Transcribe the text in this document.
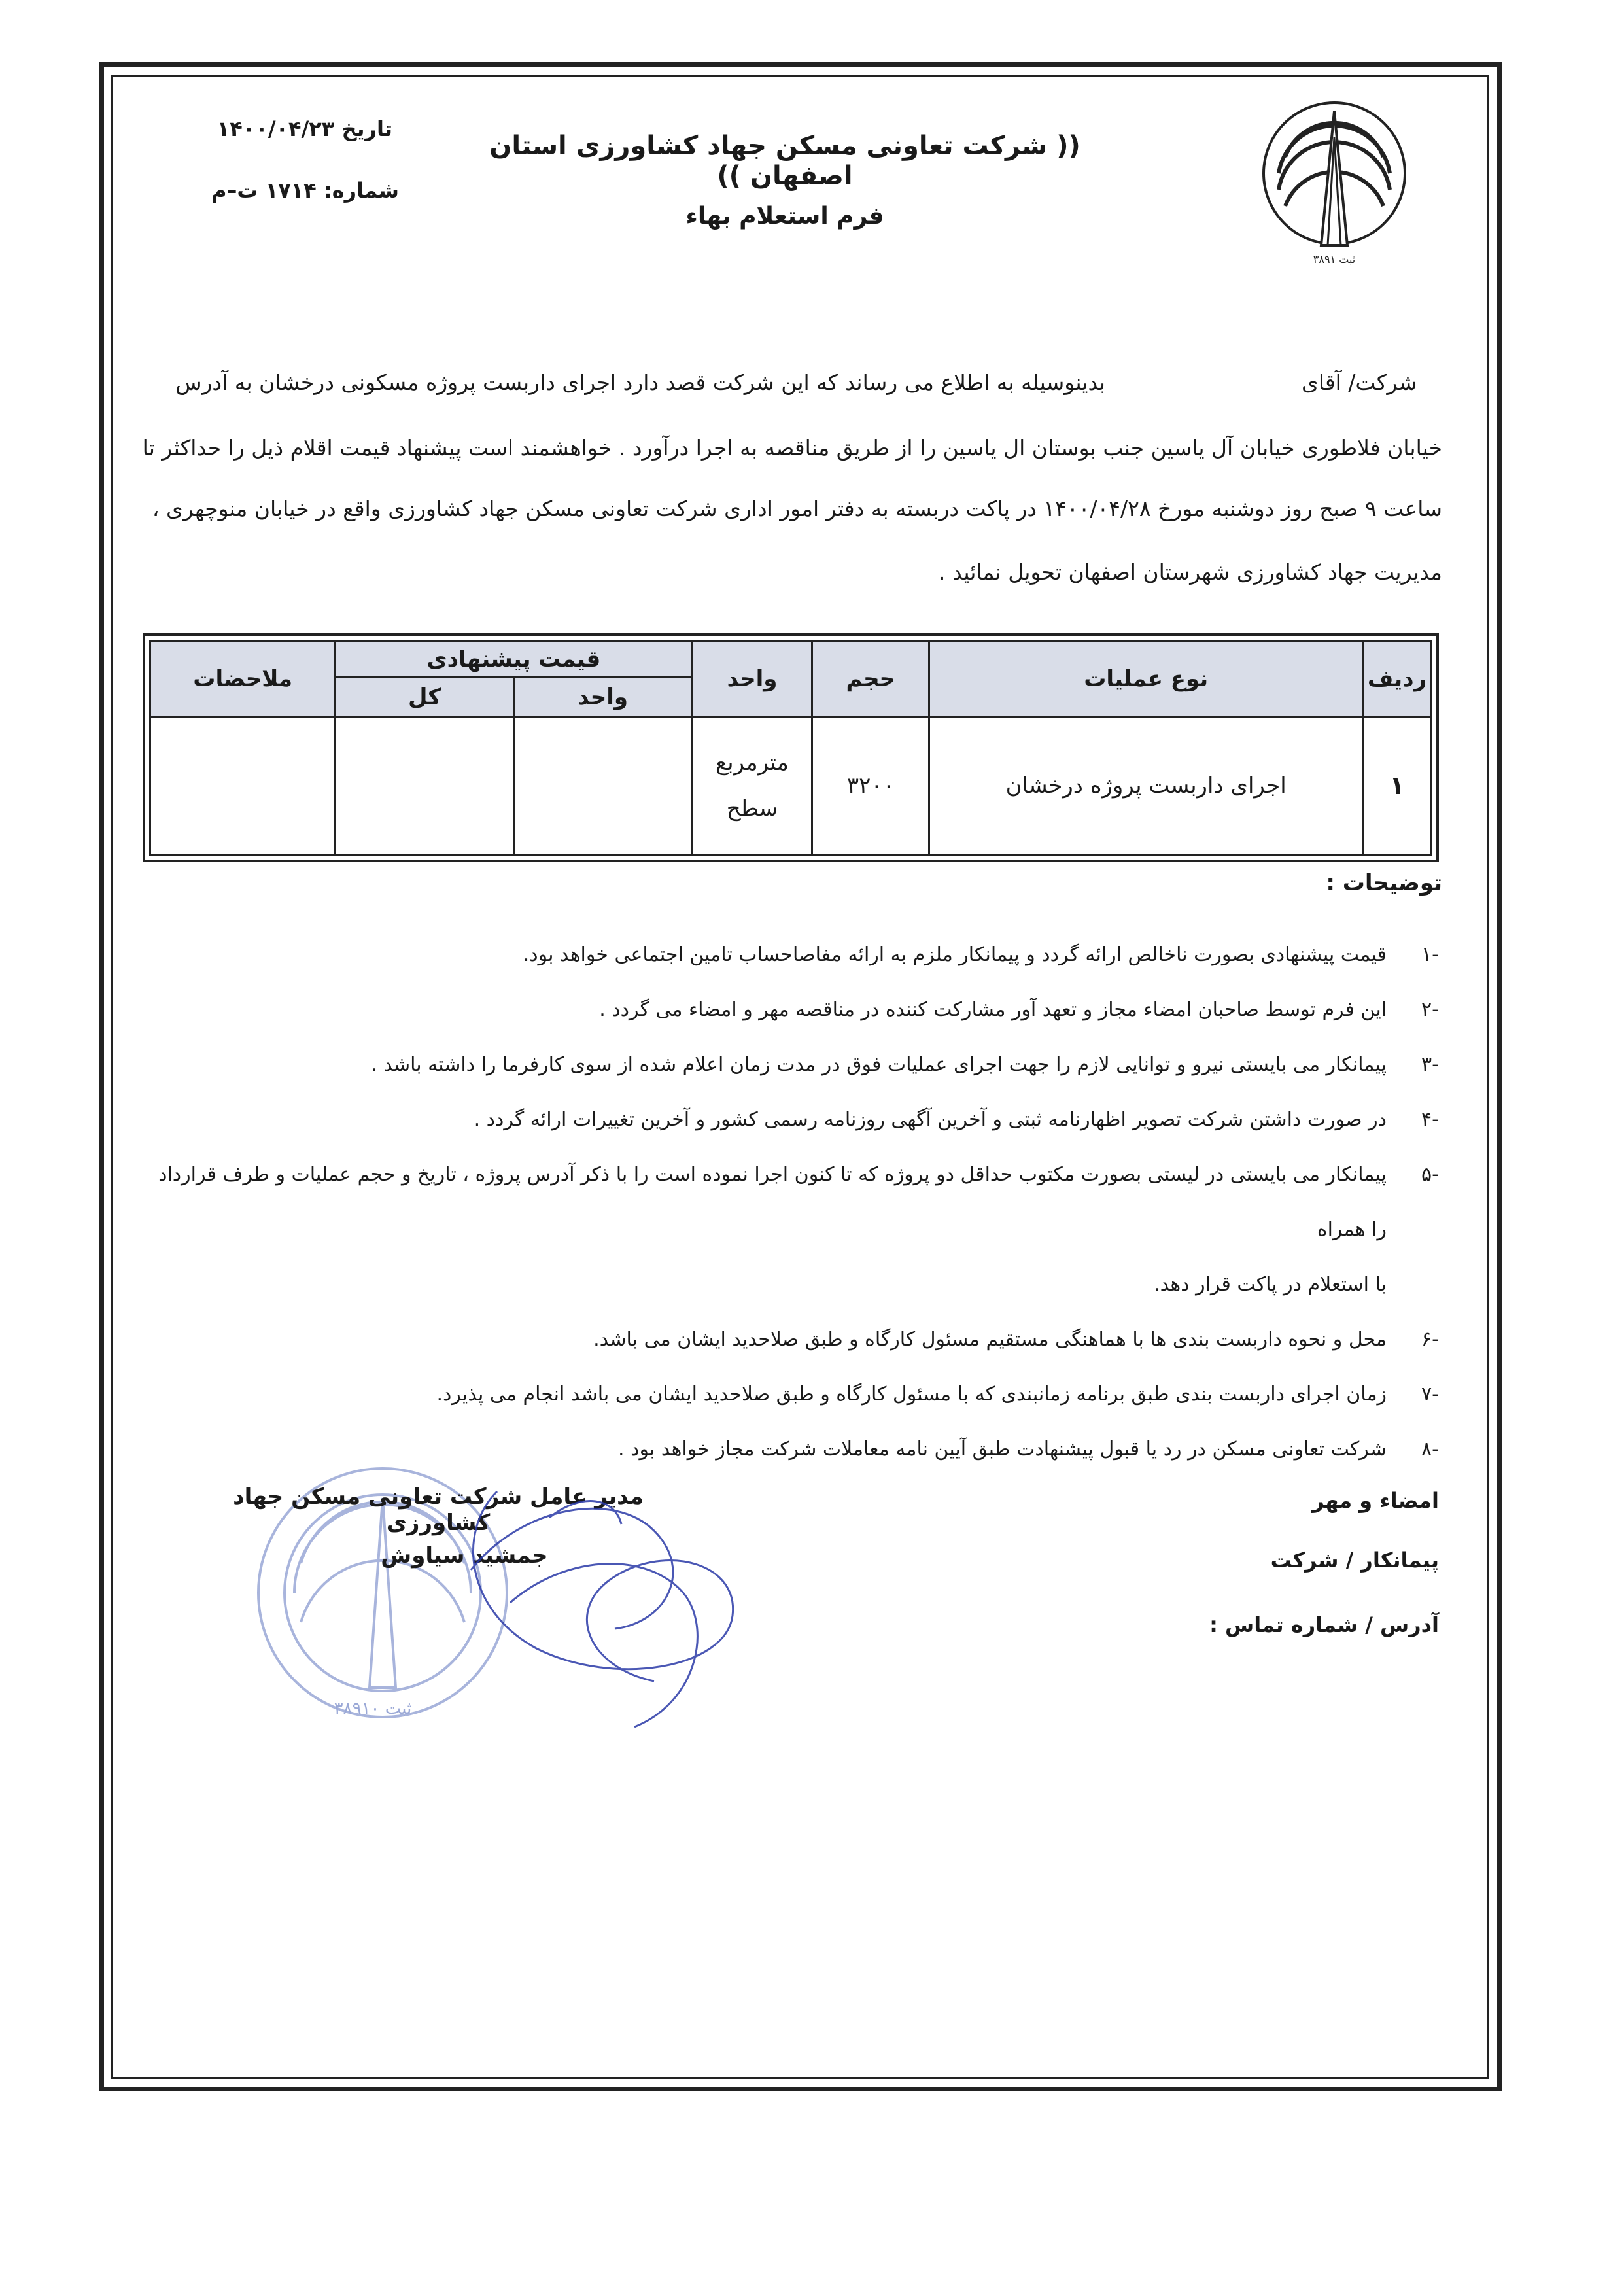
ثبت ۳۸۹۱
(( شرکت تعاونی مسکن جهاد کشاورزی استان اصفهان ))
فرم استعلام بهاء
تاریخ ۱۴۰۰/۰۴/۲۳
شماره: ۱۷۱۴ ت–م
شرکت/ آقای
بدینوسیله به اطلاع می رساند که این شرکت قصد دارد اجرای داربست پروژه مسکونی درخشان به آدرس
خیابان فلاطوری خیابان آل یاسین جنب بوستان ال یاسین را از طریق مناقصه به اجرا درآورد . خواهشمند است پیشنهاد قیمت اقلام ذیل را حداکثر تا
ساعت ۹ صبح روز دوشنبه مورخ ۱۴۰۰/۰۴/۲۸ در پاکت دربسته به دفتر امور اداری شرکت تعاونی مسکن جهاد کشاورزی واقع در خیابان منوچهری ،
مدیریت جهاد کشاورزی شهرستان اصفهان تحویل نمائید .
ردیف	نوع عملیات	حجم	واحد	قیمت پیشنهادی		ملاحضات
				واحد	کل	
۱	اجرای داربست پروژه درخشان	۳۲۰۰	مترمربع
سطح			

توضیحات :
-۱
قیمت پیشنهادی بصورت ناخالص ارائه گردد و پیمانکار ملزم به ارائه مفاصاحساب تامین اجتماعی خواهد بود.
-۲
این فرم توسط صاحبان امضاء مجاز و تعهد آور مشارکت کننده در مناقصه مهر و امضاء می گردد .
-۳
پیمانکار می بایستی نیرو و توانایی لازم را جهت اجرای عملیات فوق در مدت زمان اعلام شده از سوی کارفرما را داشته باشد .
-۴
در صورت داشتن شرکت تصویر اظهارنامه ثبتی و آخرین آگهی روزنامه رسمی کشور و آخرین تغییرات ارائه گردد .
-۵
پیمانکار می بایستی در لیستی بصورت مکتوب حداقل دو پروژه که تا کنون اجرا نموده است را با ذکر آدرس پروژه ، تاریخ و حجم عملیات و طرف قرارداد را همراه
با استعلام در پاکت قرار دهد.
-۶
محل و نحوه داربست بندی ها با هماهنگی مستقیم مسئول کارگاه و طبق صلاحدید ایشان می باشد.
-۷
زمان اجرای داربست بندی طبق برنامه زمانبندی که با مسئول کارگاه و طبق صلاحدید ایشان می باشد انجام می پذیرد.
-۸
شرکت تعاونی مسکن در رد یا قبول پیشنهادت طبق آیین نامه معاملات شرکت مجاز خواهد بود .
امضاء و مهر
پیمانکار / شرکت
آدرس / شماره تماس :
ثبت ۳۸۹۱۰
مدیر عامل شرکت تعاونی مسکن جهاد کشاورزی
جمشید سیاوش
